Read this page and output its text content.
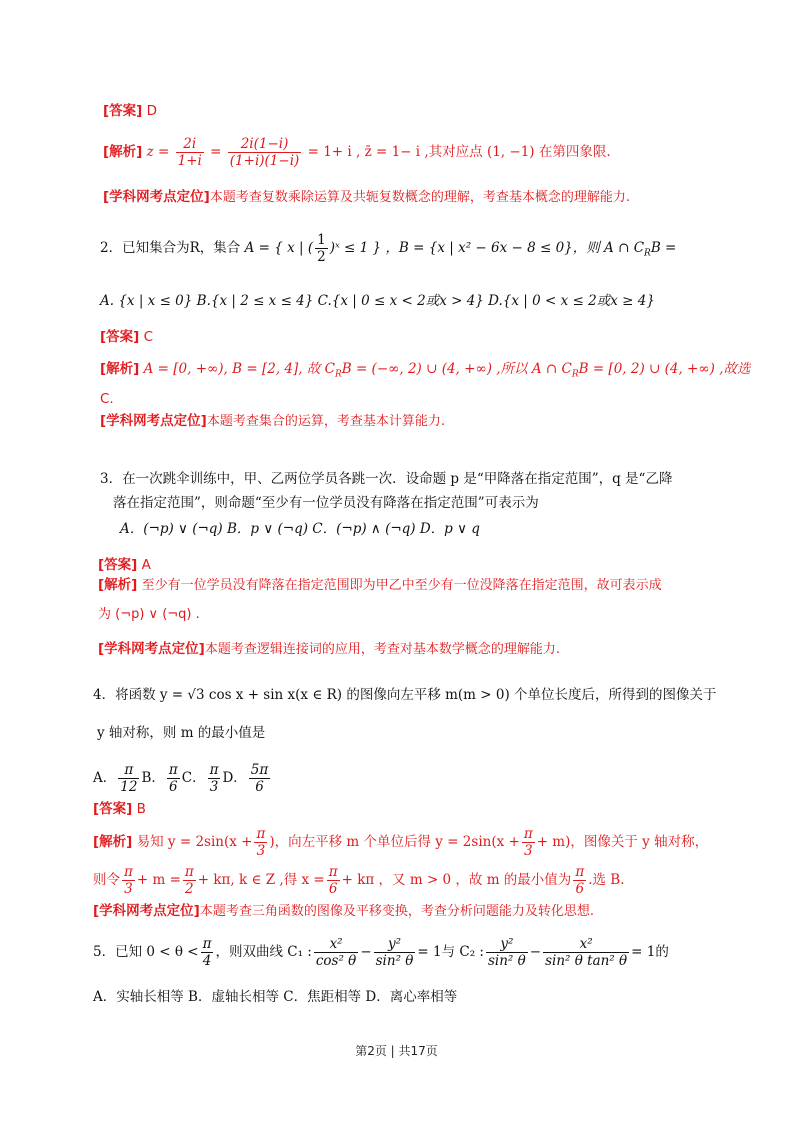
[答案] D
[解析] $z = \frac{2i}{1+i} = \frac{2i(1-i)}{(1+i)(1-i)} = 1+ i$ , z̄ = 1− i ,其对应点 (1, −1) 在第四象限.
[学科网考点定位]本题考查复数乘除运算及共轭复数概念的理解，考查基本概念的理解能力.
2．已知集合为R，集合 A = { x | ( $\frac{1}{2}$ )ˣ ≤ 1 } ，B = {x | x² − 6x − 8 ≤ 0}，则 A ∩ $C_RB$ =
A. {x | x ≤ 0} B.{x | 2 ≤ x ≤ 4} C.{x | 0 ≤ x < 2或x > 4} D.{x | 0 < x ≤ 2或x ≥ 4}
[答案] C
[解析] A = [0, +∞), B = [2, 4], 故 $C_RB$ = (−∞, 2) ∪ (4, +∞) ,所以 A ∩ $C_RB = [0$, 2) ∪ (4, +∞) ,故选
C.
[学科网考点定位]本题考查集合的运算，考查基本计算能力.
3．在一次跳伞训练中，甲、乙两位学员各跳一次．设命题 p 是“甲降落在指定范围”，q 是“乙降
落在指定范围”，则命题“至少有一位学员没有降落在指定范围”可表示为
A．(¬p) ∨ (¬q) B．p ∨ (¬q) C．(¬p) ∧ (¬q) D．p ∨ q
[答案] A
[解析] 至少有一位学员没有降落在指定范围即为甲乙中至少有一位没降落在指定范围，故可表示成
为 (¬p) ∨ (¬q) .
[学科网考点定位]本题考查逻辑连接词的应用，考查对基本数学概念的理解能力.
4．将函数 y = √3 cos x + sin x(x ∈ R) 的图像向左平移 m(m > 0) 个单位长度后，所得到的图像关于
y 轴对称，则 m 的最小值是
A． $\frac{\pi}{12}$ B． $\frac{\pi}{6}$ C． $\frac{\pi}{3}$ D． $\frac{5\pi}{6}$
[答案] B
[解析] 易知 $y = 2\sin(x + \frac{\pi}{3}$ )，向左平移 m 个单位后得 $y = 2\sin(x + \frac{\pi}{3} + m)$，图像关于 y 轴对称，
则令 $\frac{\pi}{3} + m = \frac{\pi}{2} + k\pi$, k ∈ Z ,得 $x = \frac{\pi}{6} + k\pi$ ，又 m > 0 ，故 m 的最小值为 $\frac{\pi}{6}$ .选 B.
[学科网考点定位]本题考查三角函数的图像及平移变换，考查分析问题能力及转化思想.
5．已知 $0 < \theta < \frac{\pi}{4}$ ，则双曲线 C₁ : $\frac{\text{x²}}{\text{cos² θ}} - \frac{\text{y²}}{\text{sin² θ}} = 1$与 C₂ : $\frac{\text{y²}}{\text{sin² θ}} - \frac{\text{x²}}{\text{sin² θ tan² θ}} = 1$的
A．实轴长相等 B．虚轴长相等 C．焦距相等 D．离心率相等
第2页 | 共17页
